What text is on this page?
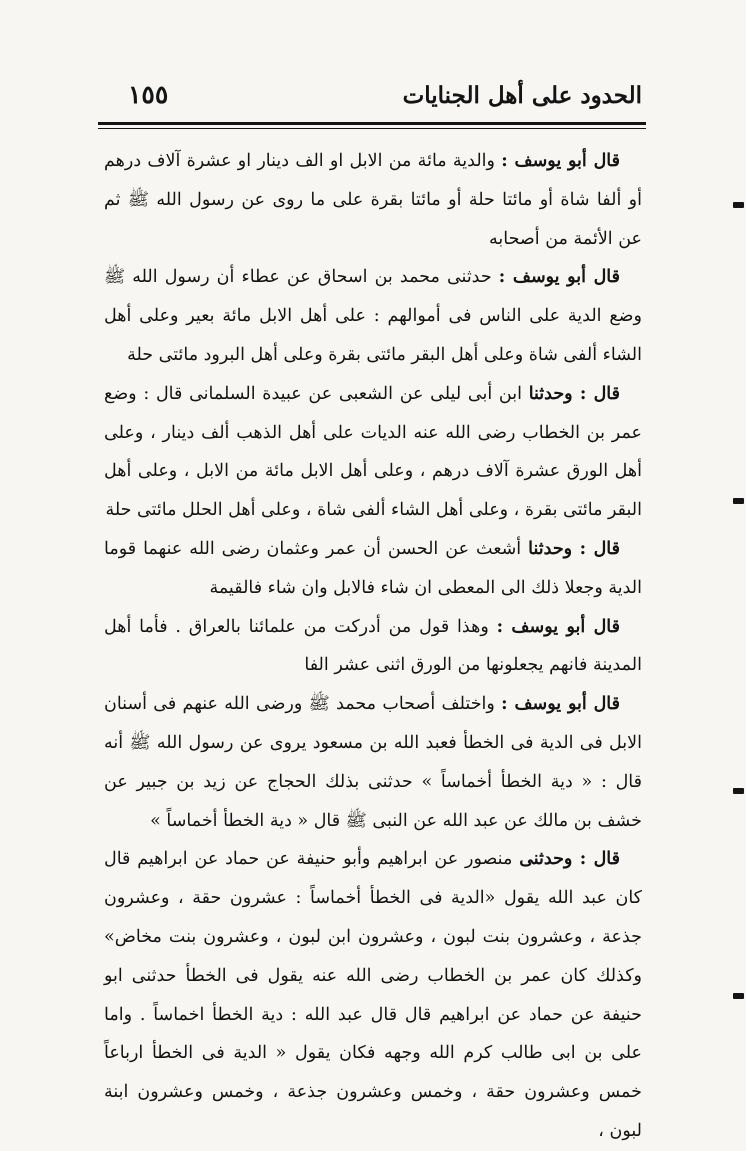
الحدود على أهل الجنايات
١٥٥

قال أبو يوسف : والدية مائة من الابل او الف دينار او عشرة آلاف درهم أو ألفا شاة أو مائتا حلة أو مائتا بقرة على ما روى عن رسول الله ﷺ ثم عن الأئمة من أصحابه

قال أبو يوسف : حدثنى محمد بن اسحاق عن عطاء أن رسول الله ﷺ وضع الدية على الناس فى أموالهم : على أهل الابل مائة بعير وعلى أهل الشاء ألفى شاة وعلى أهل البقر مائتى بقرة وعلى أهل البرود مائتى حلة

قال : وحدثنا ابن أبى ليلى عن الشعبى عن عبيدة السلمانى قال : وضع عمر بن الخطاب رضى الله عنه الديات على أهل الذهب ألف دينار ، وعلى أهل الورق عشرة آلاف درهم ، وعلى أهل الابل مائة من الابل ، وعلى أهل البقر مائتى بقرة ، وعلى أهل الشاء ألفى شاة ، وعلى أهل الحلل مائتى حلة

قال : وحدثنا أشعث عن الحسن أن عمر وعثمان رضى الله عنهما قوما الدية وجعلا ذلك الى المعطى ان شاء فالابل وان شاء فالقيمة

قال أبو يوسف : وهذا قول من أدركت من علمائنا بالعراق . فأما أهل المدينة فانهم يجعلونها من الورق اثنى عشر الفا

قال أبو يوسف : واختلف أصحاب محمد ﷺ ورضى الله عنهم فى أسنان الابل فى الدية فى الخطأ فعبد الله بن مسعود يروى عن رسول الله ﷺ أنه قال : « دية الخطأ أخماساً » حدثنى بذلك الحجاج عن زيد بن جبير عن خشف بن مالك عن عبد الله عن النبى ﷺ قال « دية الخطأ أخماساً »

قال : وحدثنى منصور عن ابراهيم وأبو حنيفة عن حماد عن ابراهيم قال كان عبد الله يقول «الدية فى الخطأ أخماساً : عشرون حقة ، وعشرون جذعة ، وعشرون بنت لبون ، وعشرون ابن لبون ، وعشرون بنت مخاض» وكذلك كان عمر بن الخطاب رضى الله عنه يقول فى الخطأ حدثنى ابو حنيفة عن حماد عن ابراهيم قال قال عبد الله : دية الخطأ اخماساً . واما على بن ابى طالب كرم الله وجهه فكان يقول « الدية فى الخطأ ارباعاً خمس وعشرون حقة ، وخمس وعشرون جذعة ، وخمس وعشرون ابنة لبون ،
